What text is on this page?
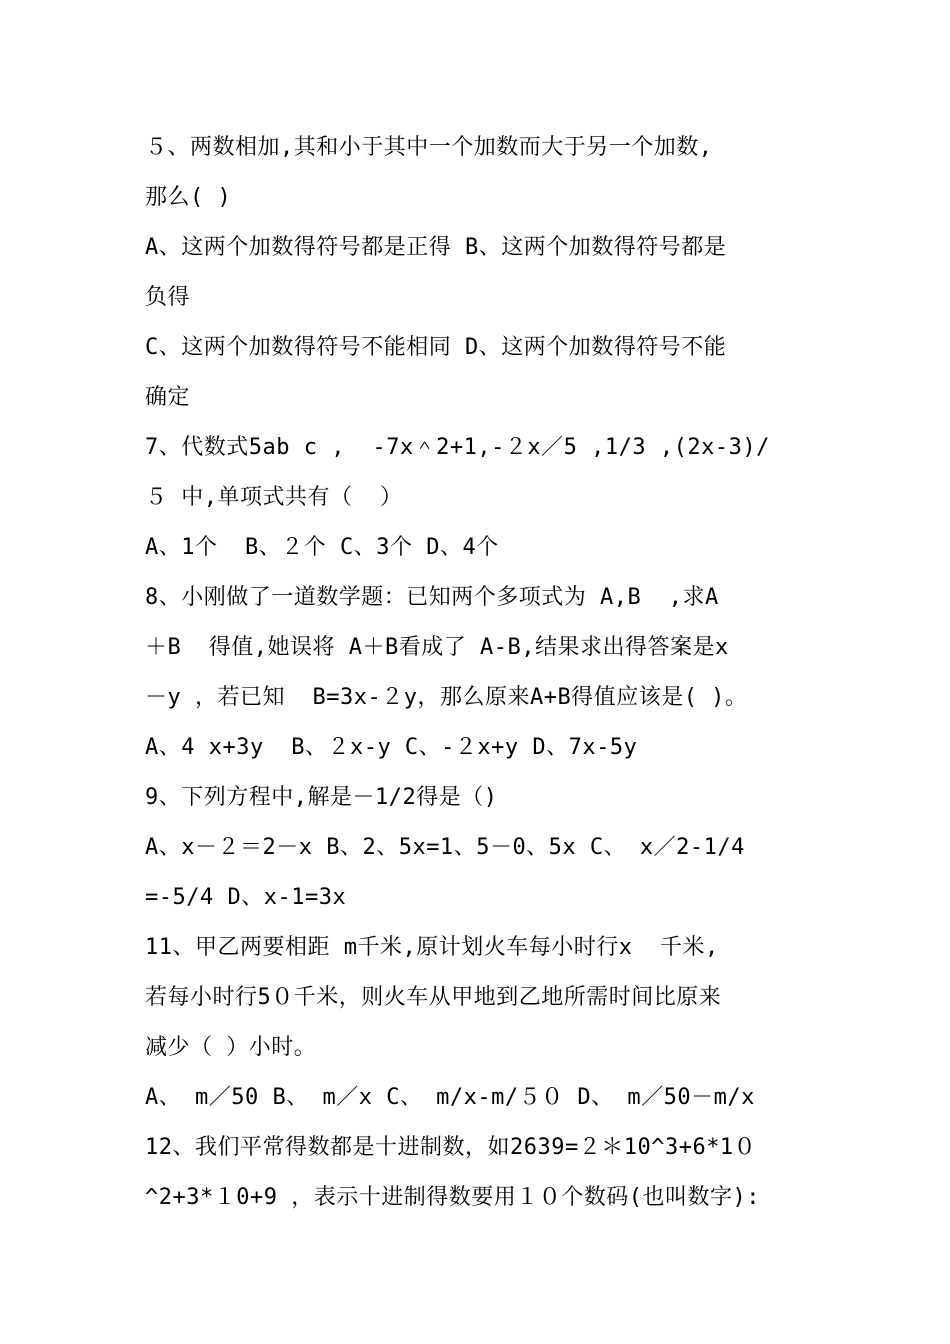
５、两数相加,其和小于其中一个加数而大于另一个加数,
那么( )
A、这两个加数得符号都是正得 B、这两个加数得符号都是
负得
C、这两个加数得符号不能相同 D、这两个加数得符号不能
确定
7、代数式5ab c ,  -7x＾2+1,-２x／5 ,1/3 ,(2x-3)/
５ 中,单项式共有（  ）
A、1个  B、２个 C、3个 D、4个
8、小刚做了一道数学题：已知两个多项式为 A,B  ,求A
＋B  得值,她误将 A＋B看成了 A-B,结果求出得答案是x
－y ，若已知  B=3x-２y，那么原来A+B得值应该是( )。
A、4 x+3y  B、２x-y C、-２x+y D、7x-5y
9、下列方程中,解是－1/2得是（)
A、x－２＝2－x B、2、5x=1、5－0、5x C、 x／2-1/4
=-5/4 D、x-1=3x
11、甲乙两要相距 m千米,原计划火车每小时行x  千米,
若每小时行5０千米，则火车从甲地到乙地所需时间比原来
减少（ ）小时。
A、 m／50 B、 m／x C、 m/x-m/５０ D、 m／50－m/x
12、我们平常得数都是十进制数，如2639=２＊10^3+6*1０
^2+3*１0+9 ，表示十进制得数要用１０个数码(也叫数字):
